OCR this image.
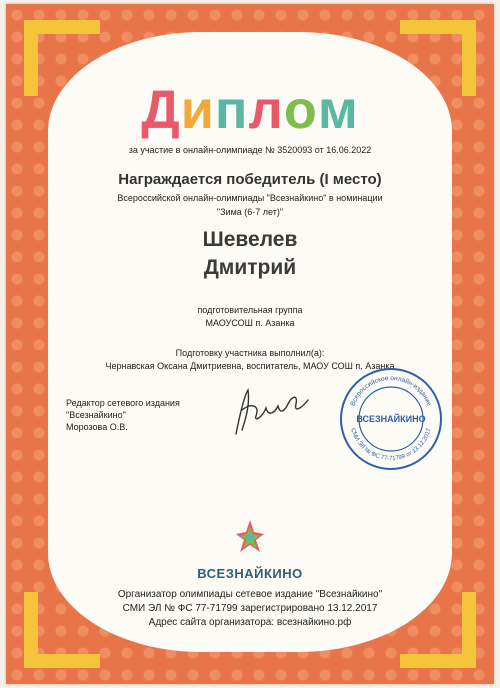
Диплом
за участие в онлайн-олимпиаде № 3520093 от 16.06.2022
Награждается победитель (I место)
Всероссийской онлайн-олимпиады "Всезнайкино" в номинации
"Зима (6-7 лет)"
Шевелев
Дмитрий
подготовительная группа
МАОУСОШ п. Азанка
Подготовку участника выполнил(а):
Чернавская Оксана Дмитриевна, воспитатель, МАОУ СОШ п. Азанка
Редактор сетевого издания
"Всезнайкино"
Морозова О.В.
Всероссийское онлайн-издание
СМИ ЭЛ № ФС 77-71799 от 13.12.2017
ВСЕЗНАЙКИНО
ВСЕЗНАЙКИНО
Организатор олимпиады сетевое издание "Всезнайкино"
СМИ ЭЛ № ФС 77-71799 зарегистрировано 13.12.2017
Адрес сайта организатора: всезнайкино.рф
